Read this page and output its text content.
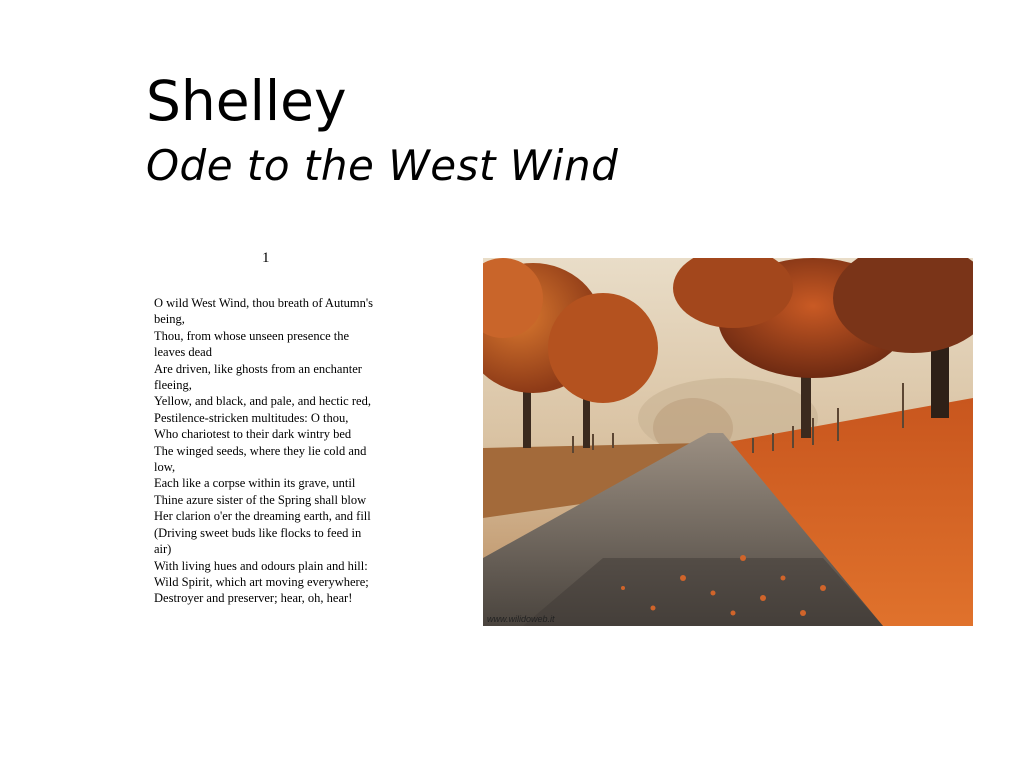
Shelley
Ode to the West Wind
1
O wild West Wind, thou breath of Autumn's
being,
Thou, from whose unseen presence the
leaves dead
Are driven, like ghosts from an enchanter
fleeing,
Yellow, and black, and pale, and hectic red,
Pestilence-stricken multitudes: O thou,
Who chariotest to their dark wintry bed
The winged seeds, where they lie cold and
low,
Each like a corpse within its grave, until
Thine azure sister of the Spring shall blow
Her clarion o'er the dreaming earth, and fill
(Driving sweet buds like flocks to feed in
air)
With living hues and odours plain and hill:
Wild Spirit, which art moving everywhere;
Destroyer and preserver; hear, oh, hear!
www.wilidoweb.it
